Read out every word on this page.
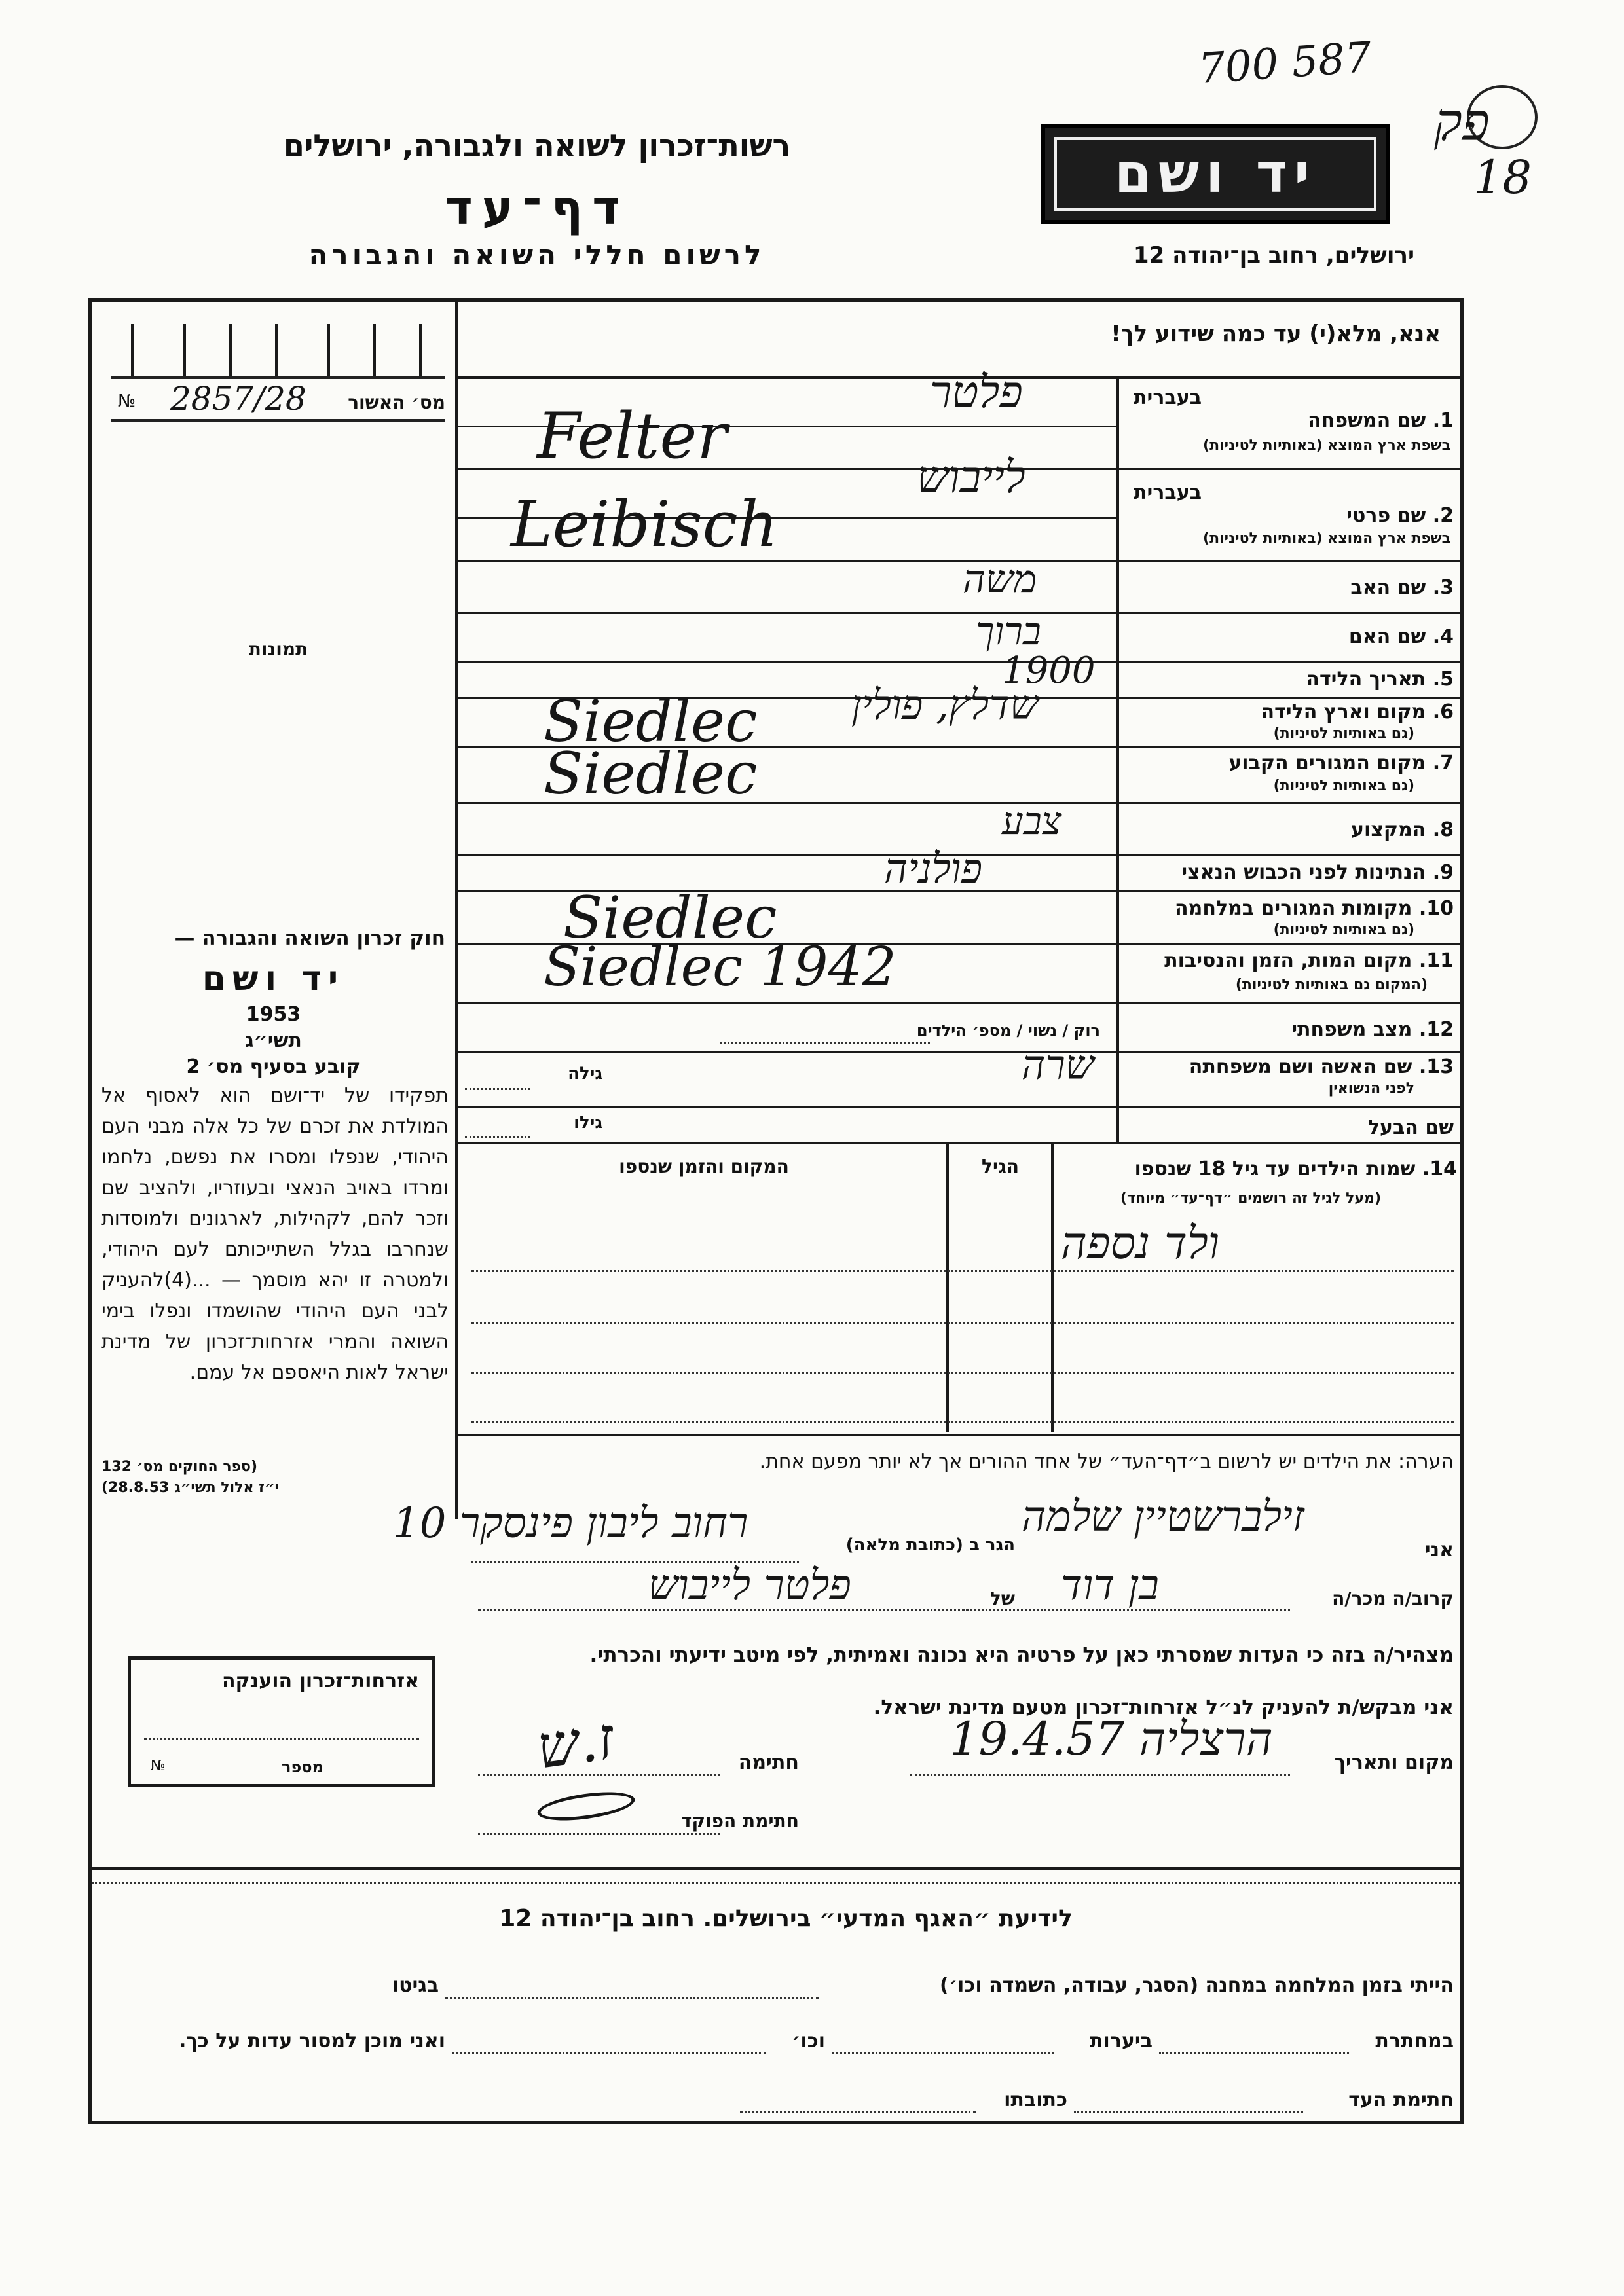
700 587
פק
18
רשות־זכרון לשואה ולגבורה, ירושלים
דף־עד
לרשום חללי השואה והגבורה
יד ושם
ירושלים, רחוב בן־יהודה 12
אנא, מלא(י) עד כמה שידוע לך!
№ 2857/28 מס׳ האשור
תמונות
חוק זכרון השואה והגבורה —
יד ושם
1953
תשי״ג
קובע בסעיף מס׳ 2
תפקידו של יד־ושם הוא לאסוף אל המולדת את זכרם של כל אלה מבני העם היהודי, שנפלו ומסרו את נפשם, נלחמו ומרדו באויב הנאצי ובעוזריו, ולהציב שם וזכר להם, לקהילות, לארגונים ולמוסדות שנחרבו בגלל השתייכותם לעם היהודי, ולמטרה זו יהא מוסמך — ...(4)להעניק לבני העם היהודי שהושמדו ונפלו בימי השואה והמרי אזרחות־זכרון של מדינת ישראל לאות היאספם אל עמם.
(ספר החוקים מס׳ 132
י״ז אלול תשי״ג 28.8.53)
בעברית
1. שם המשפחה
בשפת ארץ המוצא (באותיות לטיניות)
פלטר
Felter
בעברית
2. שם פרטי
בשפת ארץ המוצא (באותיות לטיניות)
לייבוש
Leibisch
3. שם האב
משה
4. שם האם
ברוך
5. תאריך הלידה
1900
6. מקום וארץ הלידה
(גם באותיות לטיניות)
שדלץ, פולין
Siedlec
7. מקום המגורים הקבוע
(גם באותיות לטיניות)
Siedlec
8. המקצוע
צבע
9. הנתינות לפני הכבוש הנאצי
פולניה
10. מקומות המגורים במלחמה
(גם באותיות לטיניות)
Siedlec
11. מקום המות, הזמן והנסיבות
(המקום גם באותיות לטיניות)
Siedlec 1942
12. מצב משפחתי
רוק / נשוי / מספ׳ הילדים
13. שם האשה ושם משפחתה
לפני הנשואין
שרה
גילה
שם הבעל
גילו
14. שמות הילדים עד גיל 18 שנספו
(מעל לגיל זה רושמים ״דף־עד״ מיוחד)
הגיל
המקום והזמן שנספו
ולד נספה
הערה: את הילדים יש לרשום ב״דף־העד״ של אחד ההורים אך לא יותר מפעם אחת.
אני
זילברשטיין שלמה
הגר ב (כתובת מלאה)
רחוב ליבון פינסקר 10
קרוב/ה מכר/ה
בן דוד
של
פלטר לייבוש
מצהיר/ה בזה כי העדות שמסרתי כאן על פרטיה היא נכונה ואמיתית, לפי מיטב ידיעתי והכרתי.
אני מבקש/ת להעניק לנ״ל אזרחות־זכרון מטעם מדינת ישראל.
מקום ותאריך
הרצליה 19.4.57
חתימה
ז.ש
חתימת הפוקד
אזרחות־זכרון הוענקה
מספר
№
לידיעת ״האגף המדעי״ בירושלים. רחוב בן־יהודה 12
הייתי בזמן המלחמה במחנה (הסגר, עבודה, השמדה וכו׳)
בגיטו
במחתרת
ביערות
וכו׳
ואני מוכן למסור עדות על כך.
חתימת העד
כתובתו
